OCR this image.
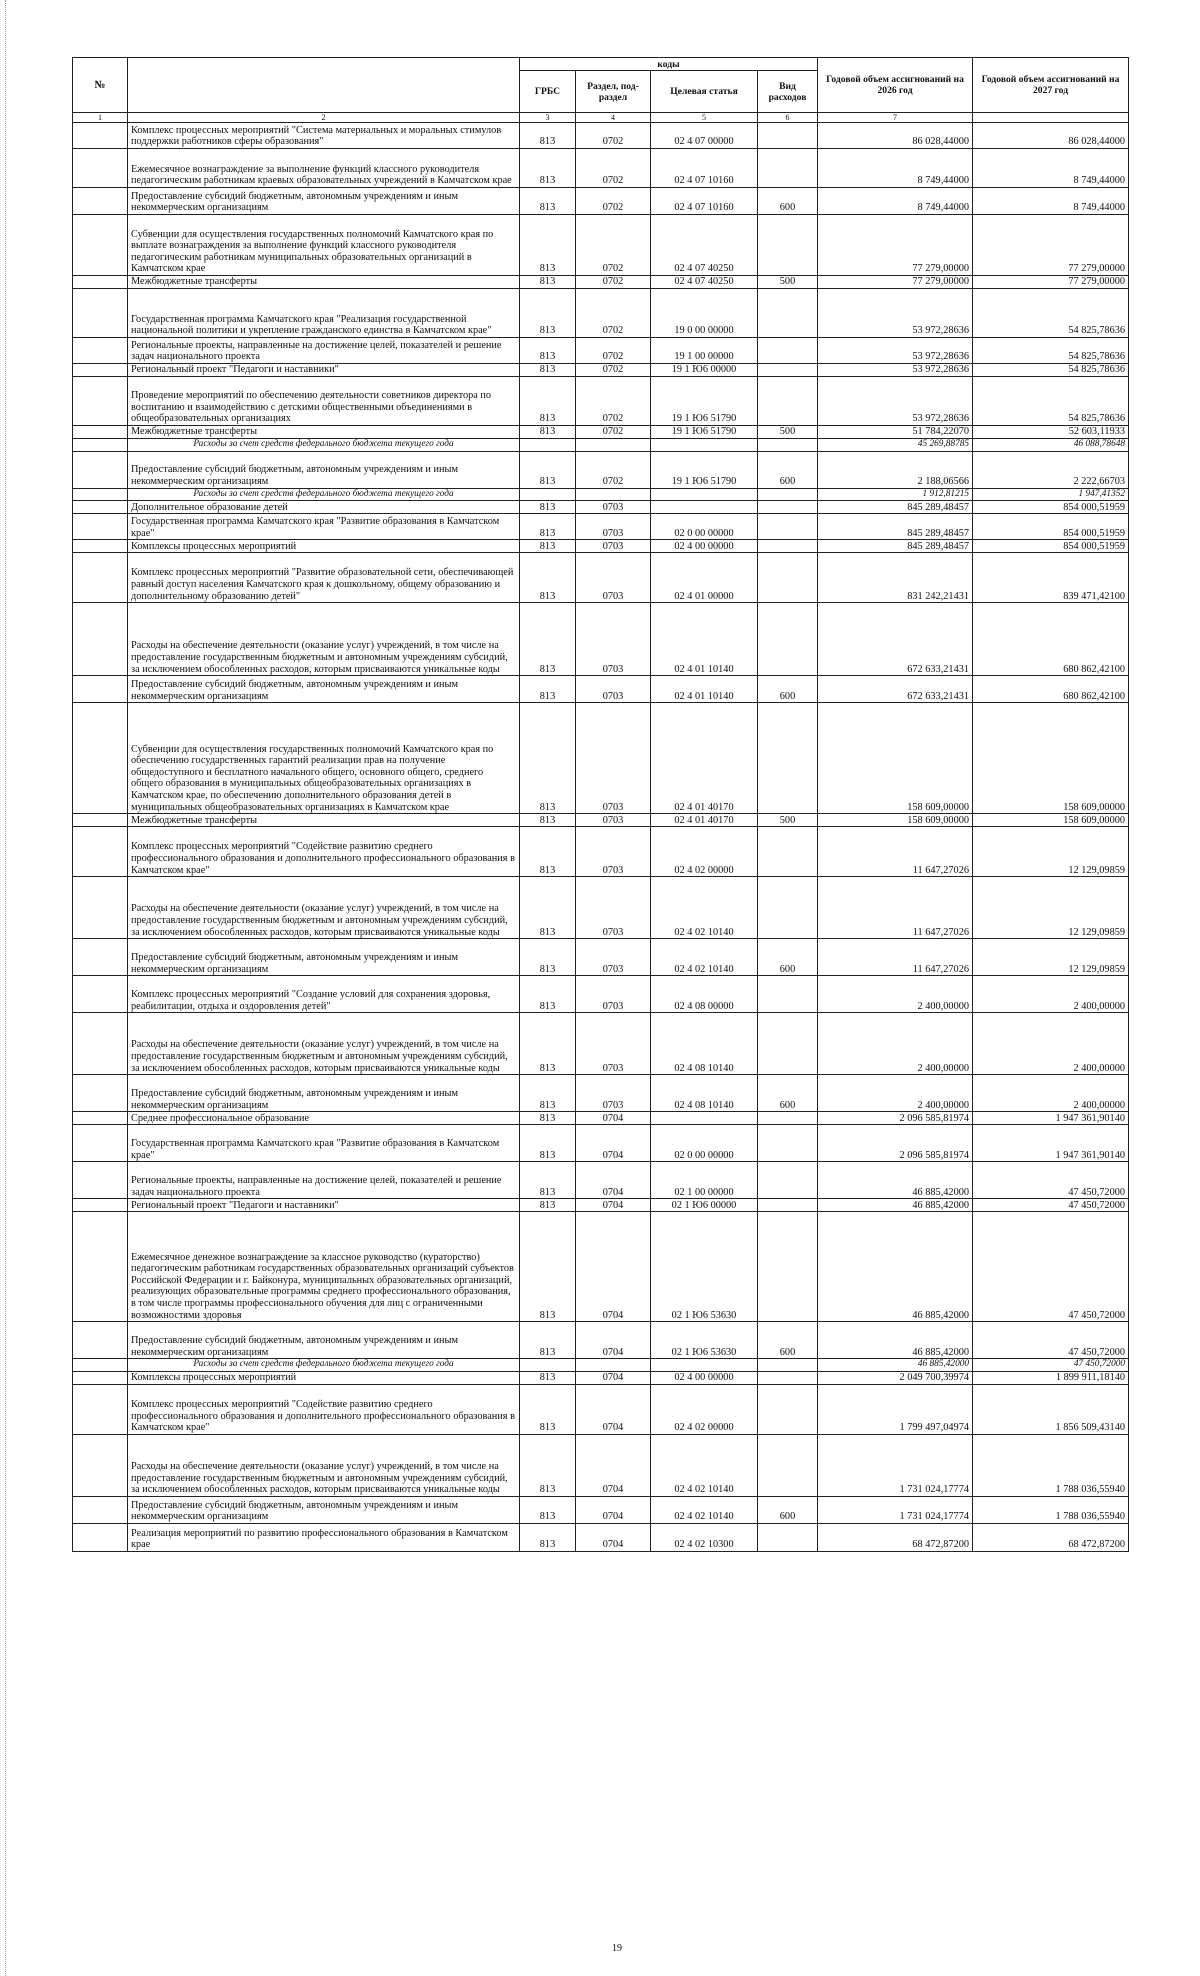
№		коды				Годовой объем ассигнований на 2026 год	Годовой объем ассигнований на 2027 год
		ГРБС	Раздел, под-раздел	Целевая статья	Вид расходов		
1	2	3	4	5	6	7	
	Комплекс процессных мероприятий "Система материальных и моральных стимулов поддержки работников сферы образования"	813	0702	02 4 07 00000		86 028,44000	86 028,44000
	Ежемесячное вознаграждение за выполнение функций классного руководителя педагогическим работникам краевых образовательных учреждений в Камчатском крае	813	0702	02 4 07 10160		8 749,44000	8 749,44000
	Предоставление субсидий бюджетным, автономным учреждениям и иным некоммерческим организациям	813	0702	02 4 07 10160	600	8 749,44000	8 749,44000
	Субвенции для осуществления государственных полномочий Камчатского края по выплате вознаграждения за выполнение функций классного руководителя педагогическим работникам муниципальных образовательных организаций в Камчатском крае	813	0702	02 4 07 40250		77 279,00000	77 279,00000
	Межбюджетные трансферты	813	0702	02 4 07 40250	500	77 279,00000	77 279,00000
	Государственная программа Камчатского края "Реализация государственной национальной политики и укрепление гражданского единства в Камчатском крае"	813	0702	19 0 00 00000		53 972,28636	54 825,78636
	Региональные проекты, направленные на достижение целей, показателей и решение задач национального проекта	813	0702	19 1 00 00000		53 972,28636	54 825,78636
	Региональный проект "Педагоги и наставники"	813	0702	19 1 Ю6 00000		53 972,28636	54 825,78636
	Проведение мероприятий по обеспечению деятельности советников директора по воспитанию и взаимодействию с детскими общественными объединениями в общеобразовательных организациях	813	0702	19 1 Ю6 51790		53 972,28636	54 825,78636
	Межбюджетные трансферты	813	0702	19 1 Ю6 51790	500	51 784,22070	52 603,11933
	Расходы за счет средств федерального бюджета текущего года					45 269,88785	46 088,78648
	Предоставление субсидий бюджетным, автономным учреждениям и иным некоммерческим организациям	813	0702	19 1 Ю6 51790	600	2 188,06566	2 222,66703
	Расходы за счет средств федерального бюджета текущего года					1 912,81215	1 947,41352
	Дополнительное образование детей	813	0703			845 289,48457	854 000,51959
	Государственная программа Камчатского края "Развитие образования в Камчатском крае"	813	0703	02 0 00 00000		845 289,48457	854 000,51959
	Комплексы процессных мероприятий	813	0703	02 4 00 00000		845 289,48457	854 000,51959
	Комплекс процессных мероприятий "Развитие образовательной сети, обеспечивающей равный доступ населения Камчатского края к дошкольному, общему образованию и дополнительному образованию детей"	813	0703	02 4 01 00000		831 242,21431	839 471,42100
	Расходы на обеспечение деятельности (оказание услуг) учреждений, в том числе на предоставление государственным бюджетным и автономным учреждениям субсидий, за исключением обособленных расходов, которым присваиваются уникальные коды	813	0703	02 4 01 10140		672 633,21431	680 862,42100
	Предоставление субсидий бюджетным, автономным учреждениям и иным некоммерческим организациям	813	0703	02 4 01 10140	600	672 633,21431	680 862,42100
	Субвенции для осуществления государственных полномочий Камчатского края по обеспечению государственных гарантий реализации прав на получение общедоступного и бесплатного начального общего, основного общего, среднего общего образования в муниципальных общеобразовательных организациях в Камчатском крае, по обеспечению дополнительного образования детей в муниципальных общеобразовательных организациях в Камчатском крае	813	0703	02 4 01 40170		158 609,00000	158 609,00000
	Межбюджетные трансферты	813	0703	02 4 01 40170	500	158 609,00000	158 609,00000
	Комплекс процессных мероприятий "Содействие развитию среднего профессионального образования и дополнительного профессионального образования в Камчатском крае"	813	0703	02 4 02 00000		11 647,27026	12 129,09859
	Расходы на обеспечение деятельности (оказание услуг) учреждений, в том числе на предоставление государственным бюджетным и автономным учреждениям субсидий, за исключением обособленных расходов, которым присваиваются уникальные коды	813	0703	02 4 02 10140		11 647,27026	12 129,09859
	Предоставление субсидий бюджетным, автономным учреждениям и иным некоммерческим организациям	813	0703	02 4 02 10140	600	11 647,27026	12 129,09859
	Комплекс процессных мероприятий "Создание условий для сохранения здоровья, реабилитации, отдыха и оздоровления детей"	813	0703	02 4 08 00000		2 400,00000	2 400,00000
	Расходы на обеспечение деятельности (оказание услуг) учреждений, в том числе на предоставление государственным бюджетным и автономным учреждениям субсидий, за исключением обособленных расходов, которым присваиваются уникальные коды	813	0703	02 4 08 10140		2 400,00000	2 400,00000
	Предоставление субсидий бюджетным, автономным учреждениям и иным некоммерческим организациям	813	0703	02 4 08 10140	600	2 400,00000	2 400,00000
	Среднее профессиональное образование	813	0704			2 096 585,81974	1 947 361,90140
	Государственная программа Камчатского края "Развитие образования в Камчатском крае"	813	0704	02 0 00 00000		2 096 585,81974	1 947 361,90140
	Региональные проекты, направленные на достижение целей, показателей и решение задач национального проекта	813	0704	02 1 00 00000		46 885,42000	47 450,72000
	Региональный проект "Педагоги и наставники"	813	0704	02 1 Ю6 00000		46 885,42000	47 450,72000
	Ежемесячное денежное вознаграждение за классное руководство (кураторство) педагогическим работникам государственных образовательных организаций субъектов Российской Федерации и г. Байконура, муниципальных образовательных организаций, реализующих образовательные программы среднего профессионального образования, в том числе программы профессионального обучения для лиц с ограниченными возможностями здоровья	813	0704	02 1 Ю6 53630		46 885,42000	47 450,72000
	Предоставление субсидий бюджетным, автономным учреждениям и иным некоммерческим организациям	813	0704	02 1 Ю6 53630	600	46 885,42000	47 450,72000
	Расходы за счет средств федерального бюджета текущего года					46 885,42000	47 450,72000
	Комплексы процессных мероприятий	813	0704	02 4 00 00000		2 049 700,39974	1 899 911,18140
	Комплекс процессных мероприятий "Содействие развитию среднего профессионального образования и дополнительного профессионального образования в Камчатском крае"	813	0704	02 4 02 00000		1 799 497,04974	1 856 509,43140
	Расходы на обеспечение деятельности (оказание услуг) учреждений, в том числе на предоставление государственным бюджетным и автономным учреждениям субсидий, за исключением обособленных расходов, которым присваиваются уникальные коды	813	0704	02 4 02 10140		1 731 024,17774	1 788 036,55940
	Предоставление субсидий бюджетным, автономным учреждениям и иным некоммерческим организациям	813	0704	02 4 02 10140	600	1 731 024,17774	1 788 036,55940
	Реализация мероприятий по развитию профессионального образования в Камчатском крае	813	0704	02 4 02 10300		68 472,87200	68 472,87200
19
